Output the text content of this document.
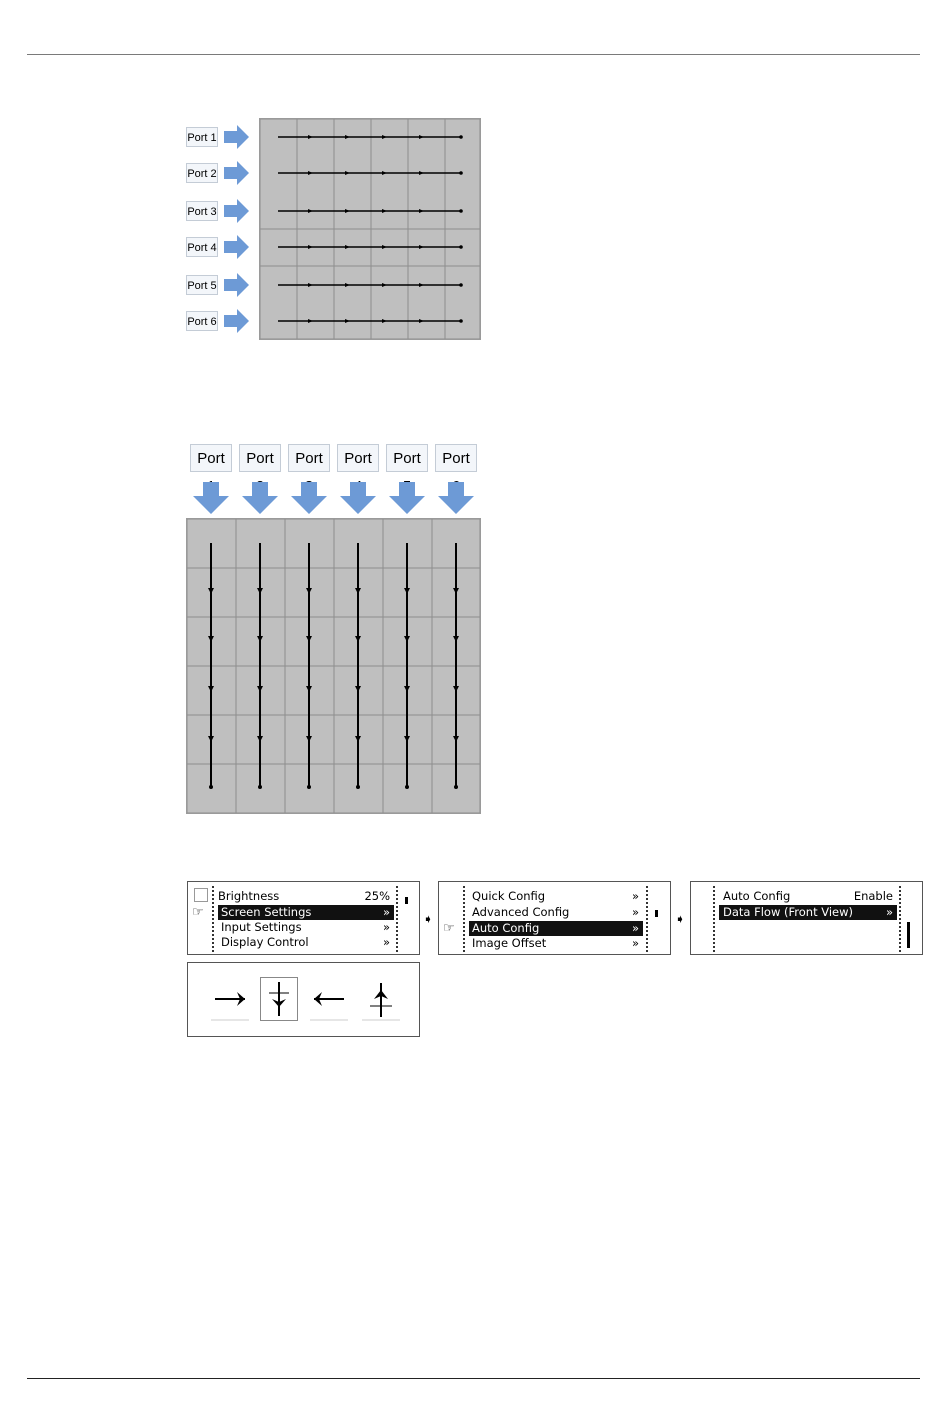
Port 1
Port 2
Port 3
Port 4
Port 5
Port 6
Port	Port	Port	Port	Port	Port
☞
Brightness	25%
Screen Settings	»
Input Settings	»
Display Control	»
➧
☞
Quick Config	»
Advanced Config	»
Auto Config	»
Image Offset	»
➧
Auto Config	Enable
Data Flow (Front View)	»
